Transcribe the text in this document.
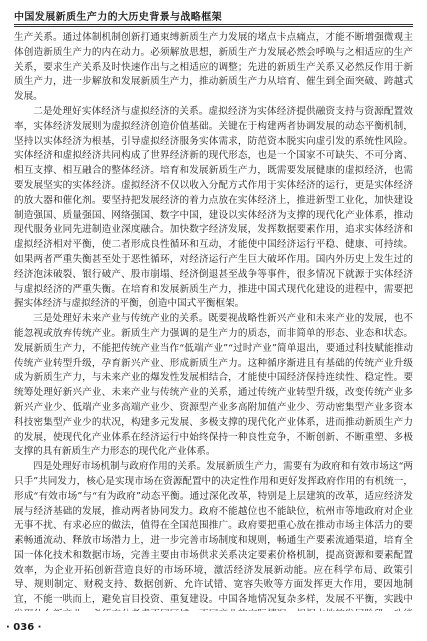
中国发展新质生产力的大历史背景与战略框架

生产关系。通过体制机制创新打通束缚新质生产力发展的堵点卡点痛点，才能不断增强微观主体创造新质生产力的内在动力。必须解放思想，新质生产力发展必然会呼唤与之相适应的生产关系，要求生产关系及时快速作出与之相适应的调整；先进的新质生产关系又必然反作用于新质生产力，进一步解放和发展新质生产力，推动新质生产力从培育、催生到全面突破、跨越式发展。

二是处理好实体经济与虚拟经济的关系。虚拟经济为实体经济提供融资支持与资源配置效率，实体经济发展则为虚拟经济创造价值基础。关键在于构建两者协调发展的动态平衡机制，坚持以实体经济为根基，引导虚拟经济服务实体需求，防范资本脱实向虚引发的系统性风险。实体经济和虚拟经济共同构成了世界经济新的现代形态，也是一个国家不可缺失、不可分离、相互支撑、相互融合的整体经济。培育和发展新质生产力，既需要发展健康的虚拟经济，也需要发展坚实的实体经济。虚拟经济不仅以收入分配方式作用于实体经济的运行，更是实体经济的放大器和催化剂。要坚持把发展经济的着力点放在实体经济上，推进新型工业化，加快建设制造强国、质量强国、网络强国、数字中国，建设以实体经济为支撑的现代化产业体系，推动现代服务业同先进制造业深度融合。加快数字经济发展，发挥数据要素作用，追求实体经济和虚拟经济相对平衡，使二者形成良性循环和互动，才能使中国经济运行平稳、健康、可持续。如果两者严重失衡甚至处于恶性循环，对经济运行产生巨大破坏作用。国内外历史上发生过的经济泡沫破裂、银行破产、股市崩塌、经济倒退甚至战争等事件，很多情况下就源于实体经济与虚拟经济的严重失衡。在培育和发展新质生产力，推进中国式现代化建设的进程中，需要把握实体经济与虚拟经济的平衡，创造中国式平衡框架。

三是处理好未来产业与传统产业的关系。既要视战略性新兴产业和未来产业的发展，也不能忽视或放弃传统产业。新质生产力强调的是生产力的质态，而非简单的形态、业态和状态。发展新质生产力，不能把传统产业当作“低端产业”“过时产业”简单退出，要通过科技赋能推动传统产业转型升级，孕育新兴产业、形成新质生产力。这种循序渐进且有基础的传统产业升级成为新质生产力，与未来产业的爆发性发展相结合，才能使中国经济保持连续性、稳定性。要统筹处理好新兴产业、未来产业与传统产业的关系，通过传统产业转型升级，改变传统产业多新兴产业少、低端产业多高端产业少、资源型产业多高附加值产业少、劳动密集型产业多资本科技密集型产业少的状况，构建多元发展、多极支撑的现代化产业体系，进而推动新质生产力的发展，使现代化产业体系在经济运行中始终保持一种良性竞争，不断创新、不断重塑、多极支撑的具有新质生产力形态的现代化产业体系。

四是处理好市场机制与政府作用的关系。发展新质生产力，需要有为政府和有效市场这“两只手”共同发力，核心是实现市场在资源配置中的决定性作用和更好发挥政府作用的有机统一，形成“有效市场”与“有为政府”动态平衡。通过深化改革，特别是上层建筑的改革，适应经济发展与经济基础的发展，推动两者协同发力。政府不能越位也不能缺位，杭州市等地政府对企业无事不扰、有求必应的做法，值得在全国范围推广。政府要把重心放在推动市场主体活力的要素畅通流动、释放市场潜力上，进一步完善市场制度和规则，畅通生产要素流通渠道，培育全国一体化技术和数据市场，完善主要由市场供求关系决定要素价格机制，提高资源和要素配置效率，为企业开拓创新营造良好的市场环境，激活经济发展新动能。应在科学布局、政策引导、规则制定、财税支持、数据创新、允许试错、宽容失败等方面发挥更大作用，要因地制宜，不能一哄而上，避免盲目投资、重复建设。中国各地情况复杂多样，发展不平衡，实践中

· 036 ·
